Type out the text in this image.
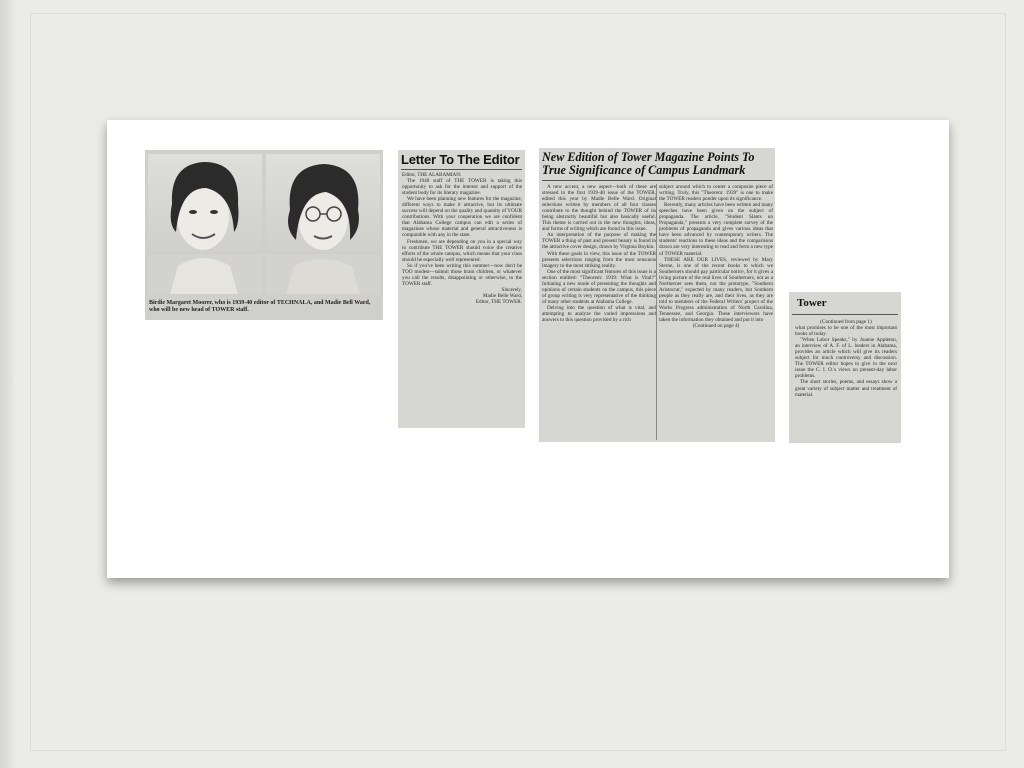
Birdie Margaret Moorer, who is 1939-40 editor of TECHNALA, and Madie Bell Ward, who will be new head of TOWER staff.
Letter To The Editor

Editor, THE ALABAMIAN:

The 1940 staff of THE TOWER is taking this opportunity to ask for the interest and support of the student body for its literary magazine.

We have been planning new features for the magazine, different ways to make it attractive, but its ultimate success will depend on the quality and quantity of YOUR contributions. With your cooperation we are confident that Alabama College campus can edit a series of magazines whose material and general attractiveness is comparable with any in the state.

Freshmen, we are depending on you in a special way to contribute THE TOWER should voice the creative efforts of the whole campus, which means that your class should be especially well represented.

So if you've been writing this summer—now don't be TOO modest—submit those brain children, or whatever you call the results, disappointing or otherwise, to the TOWER staff.

Sincerely,

Madie Belle Ward,

Editor, THE TOWER.

New Edition of Tower Magazine Points To True Significance of Campus Landmark

A new accent, a new aspect—both of these are stressed in the first 1939-40 issue of the TOWER, edited this year by Madie Belle Ward. Original selections written by members of all four classes contribute to the thought behind the TOWER of its being abstractly beautiful but also basically useful. This theme is carried out in the new thoughts, ideas, and forms of writing which are found in this issue.

An interpretation of the purpose of making the TOWER a thing of past and present beauty is found in the attractive cover design, drawn by Virginia Boykin.

With these goals in view, this issue of the TOWER presents selections ranging from the most sensuous imagery to the most striking reality.

One of the most significant features of this issue is a section entitled: "Theorem: 1939: What is Vital?" Initiating a new mode of presenting the thoughts and opinions of certain students on the campus, this piece of group writing is very representative of the thinking of many other students at Alabama College.

Delving into the question of what is vital, and attempting to analyze the varied impressions and answers to this question provided by a rich

subject around which to center a composite piece of writing. Truly, this "Theorem: 1939" is one to make the TOWER readers ponder upon its significance.

Recently, many articles have been written and many speeches have been given on the subject of propaganda. The article, "Student Slants on Propaganda," presents a very complete survey of the problems of propaganda and gives various ideas that have been advanced by contemporary writers. The students' reactions to these ideas and the comparisons drawn are very interesting to read and form a new type of TOWER material.

THESE ARE OUR LIVES, reviewed by Mary Sterne, is one of the recent books to which we Southerners should pay particular notice, for it gives a living picture of the real lives of Southerners, not as a Northerner sees them, not the prototype, "Southern Aristocrat," expected by many readers, but Southern people as they really are, and their lives, as they are told to members of the Federal Writers' project of the Works Progress administration of North Carolina, Tennessee, and Georgia. These interviewers have taken the information they obtained and put it into

(Continued on page 4)

Tower

(Continued from page 1)

what promises to be one of the most important books of today.

"When Labor Speaks," by Joanne Appleton, an interview of A. F. of L. leaders in Alabama, provides an article which will give its readers subject for much controversy and discussion. The TOWER editor hopes to give in the next issue the C. I. O.'s views on present-day labor problems.

The short stories, poems, and essays show a great variety of subject matter and treatment of material.
